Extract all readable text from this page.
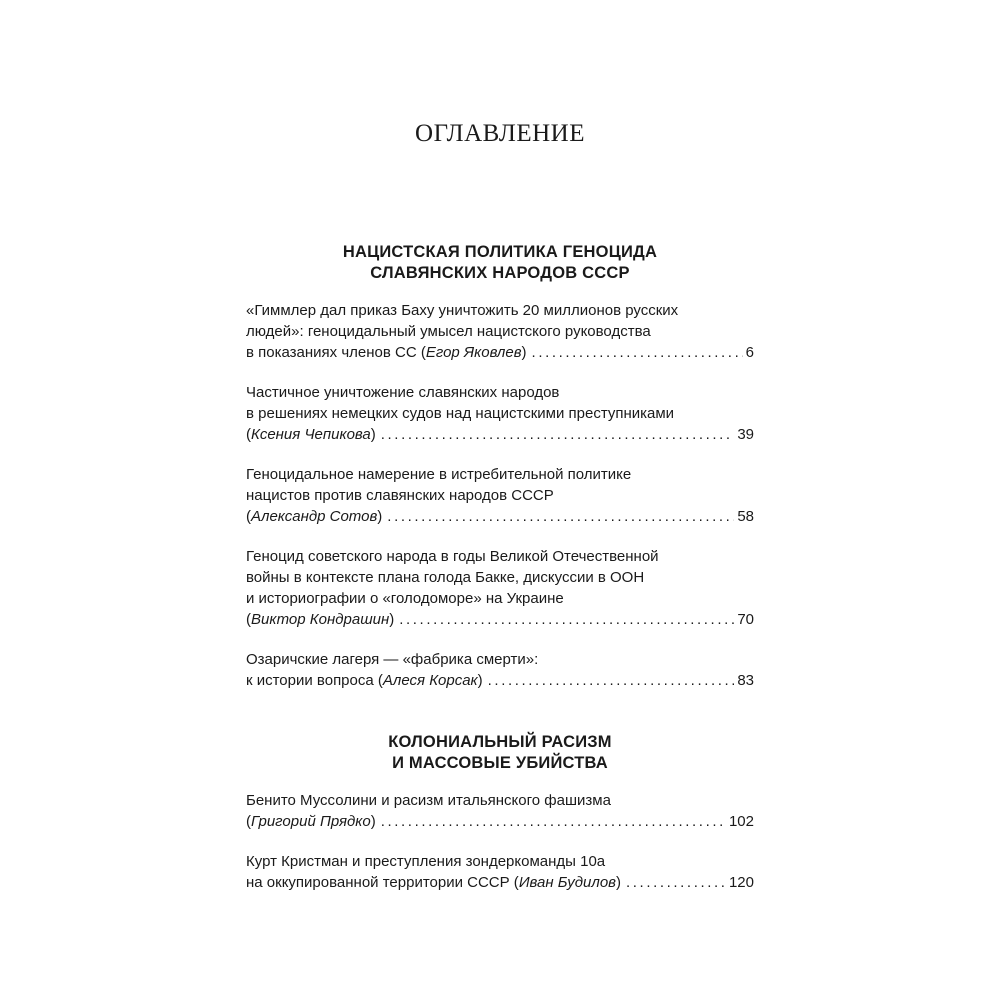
ОГЛАВЛЕНИЕ
НАЦИСТСКАЯ ПОЛИТИКА ГЕНОЦИДА
СЛАВЯНСКИХ НАРОДОВ СССР
«Гиммлер дал приказ Баху уничтожить 20 миллионов русских
людей»: геноцидальный умысел нацистского руководства
в показаниях членов СС (Егор Яковлев) .....	6
Частичное уничтожение славянских народов
в решениях немецких судов над нацистскими преступниками
(Ксения Чепикова) .....	39
Геноцидальное намерение в истребительной политике
нацистов против славянских народов СССР
(Александр Сотов) .....	58
Геноцид советского народа в годы Великой Отечественной
войны в контексте плана голода Бакке, дискуссии в ООН
и историографии о «голодоморе» на Украине
(Виктор Кондрашин) .....	70
Озаричские лагеря — «фабрика смерти»:
к истории вопроса (Алеся Корсак) .....	83
КОЛОНИАЛЬНЫЙ РАСИЗМ
И МАССОВЫЕ УБИЙСТВА
Бенито Муссолини и расизм итальянского фашизма
(Григорий Прядко) .....	102
Курт Кристман и преступления зондеркоманды 10а
на оккупированной территории СССР (Иван Будилов) .....	120
